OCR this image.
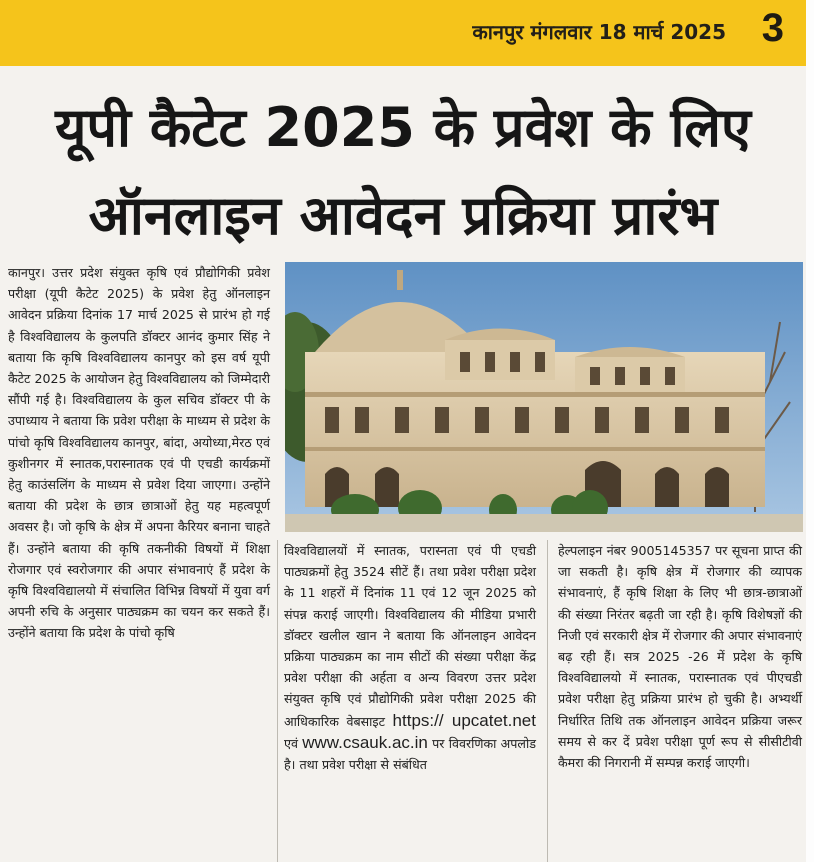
कानपुर मंगलवार 18 मार्च 2025 3
यूपी कैटेट 2025 के प्रवेश के लिए
ऑनलाइन आवेदन प्रक्रिया प्रारंभ
कानपुर। उत्तर प्रदेश संयुक्त कृषि एवं प्रौद्योगिकी प्रवेश परीक्षा (यूपी कैटेट 2025) के प्रवेश हेतु ऑनलाइन आवेदन प्रक्रिया दिनांक 17 मार्च 2025 से प्रारंभ हो गई है विश्वविद्यालय के कुलपति डॉक्टर आनंद कुमार सिंह ने बताया कि कृषि विश्वविद्यालय कानपुर को इस वर्ष यूपी कैटेट 2025 के आयोजन हेतु विश्वविद्यालय को जिम्मेदारी सौंपी गई है। विश्वविद्यालय के कुल सचिव डॉक्टर पी के उपाध्याय ने बताया कि प्रवेश परीक्षा के माध्यम से प्रदेश के पांचो कृषि विश्वविद्यालय कानपुर, बांदा, अयोध्या,मेरठ एवं कुशीनगर में स्नातक,परास्नातक एवं पी एचडी कार्यक्रमों हेतु काउंसलिंग के माध्यम से प्रवेश दिया जाएगा। उन्होंने बताया की प्रदेश के छात्र छात्राओं हेतु यह महत्वपूर्ण अवसर है। जो कृषि के क्षेत्र में अपना कैरियर बनाना चाहते हैं। उन्होंने बताया की कृषि तकनीकी विषयों में शिक्षा रोजगार एवं स्वरोजगार की अपार संभावनाएं हैं प्रदेश के कृषि विश्वविद्यालयो में संचालित विभिन्न विषयों में युवा वर्ग अपनी रुचि के अनुसार पाठ्यक्रम का चयन कर सकते हैं। उन्होंने बताया कि प्रदेश के पांचो कृषि
विश्वविद्यालयों में स्नातक, परास्नता एवं पी एचडी पाठ्यक्रमों हेतु 3524 सीटें हैं। तथा प्रवेश परीक्षा प्रदेश के 11 शहरों में दिनांक 11 एवं 12 जून 2025 को संपन्न कराई जाएगी। विश्वविद्यालय की मीडिया प्रभारी डॉक्टर खलील खान ने बताया कि ऑनलाइन आवेदन प्रक्रिया पाठ्यक्रम का नाम सीटों की संख्या परीक्षा केंद्र प्रवेश परीक्षा की अर्हता व अन्य विवरण उत्तर प्रदेश संयुक्त कृषि एवं प्रौद्योगिकी प्रवेश परीक्षा 2025 की आधिकारिक वेबसाइट https:// upcatet.net एवं www.csauk.ac.in पर विवरणिका अपलोड है। तथा प्रवेश परीक्षा से संबंधित
हेल्पलाइन नंबर 9005145357 पर सूचना प्राप्त की जा सकती है। कृषि क्षेत्र में रोजगार की व्यापक संभावनाएं, हैं कृषि शिक्षा के लिए भी छात्र-छात्राओं की संख्या निरंतर बढ़ती जा रही है। कृषि विशेषज्ञों की निजी एवं सरकारी क्षेत्र में रोजगार की अपार संभावनाएं बढ़ रही हैं। सत्र 2025 -26 में प्रदेश के कृषि विश्वविद्यालयो में स्नातक, परास्नातक एवं पीएचडी प्रवेश परीक्षा हेतु प्रक्रिया प्रारंभ हो चुकी है। अभ्यर्थी निर्धारित तिथि तक ऑनलाइन आवेदन प्रक्रिया जरूर समय से कर दें प्रवेश परीक्षा पूर्ण रूप से सीसीटीवी कैमरा की निगरानी में सम्पन्न कराई जाएगी।
